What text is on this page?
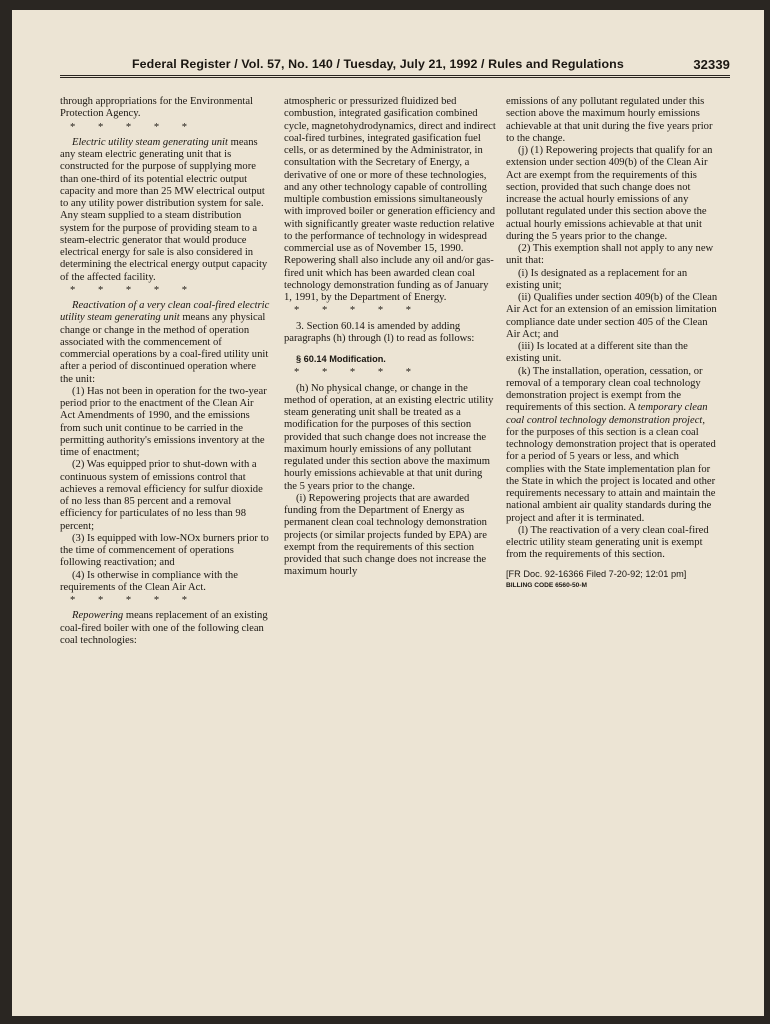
Federal Register / Vol. 57, No. 140 / Tuesday, July 21, 1992 / Rules and Regulations	32339

through appropriations for the Environmental Protection Agency.

* * * * *

Electric utility steam generating unit means any steam electric generating unit that is constructed for the purpose of supplying more than one-third of its potential electric output capacity and more than 25 MW electrical output to any utility power distribution system for sale. Any steam supplied to a steam distribution system for the purpose of providing steam to a steam-electric generator that would produce electrical energy for sale is also considered in determining the electrical energy output capacity of the affected facility.

* * * * *

Reactivation of a very clean coal-fired electric utility steam generating unit means any physical change or change in the method of operation associated with the commencement of commercial operations by a coal-fired utility unit after a period of discontinued operation where the unit:

(1) Has not been in operation for the two-year period prior to the enactment of the Clean Air Act Amendments of 1990, and the emissions from such unit continue to be carried in the permitting authority's emissions inventory at the time of enactment;

(2) Was equipped prior to shut-down with a continuous system of emissions control that achieves a removal efficiency for sulfur dioxide of no less than 85 percent and a removal efficiency for particulates of no less than 98 percent;

(3) Is equipped with low-NOx burners prior to the time of commencement of operations following reactivation; and

(4) Is otherwise in compliance with the requirements of the Clean Air Act.

* * * * *

Repowering means replacement of an existing coal-fired boiler with one of the following clean coal technologies:

atmospheric or pressurized fluidized bed combustion, integrated gasification combined cycle, magnetohydrodynamics, direct and indirect coal-fired turbines, integrated gasification fuel cells, or as determined by the Administrator, in consultation with the Secretary of Energy, a derivative of one or more of these technologies, and any other technology capable of controlling multiple combustion emissions simultaneously with improved boiler or generation efficiency and with significantly greater waste reduction relative to the performance of technology in widespread commercial use as of November 15, 1990. Repowering shall also include any oil and/or gas-fired unit which has been awarded clean coal technology demonstration funding as of January 1, 1991, by the Department of Energy.

* * * * *

3. Section 60.14 is amended by adding paragraphs (h) through (l) to read as follows:

§ 60.14 Modification.
* * * * *

(h) No physical change, or change in the method of operation, at an existing electric utility steam generating unit shall be treated as a modification for the purposes of this section provided that such change does not increase the maximum hourly emissions of any pollutant regulated under this section above the maximum hourly emissions achievable at that unit during the 5 years prior to the change.

(i) Repowering projects that are awarded funding from the Department of Energy as permanent clean coal technology demonstration projects (or similar projects funded by EPA) are exempt from the requirements of this section provided that such change does not increase the maximum hourly

emissions of any pollutant regulated under this section above the maximum hourly emissions achievable at that unit during the five years prior to the change.

(j) (1) Repowering projects that qualify for an extension under section 409(b) of the Clean Air Act are exempt from the requirements of this section, provided that such change does not increase the actual hourly emissions of any pollutant regulated under this section above the actual hourly emissions achievable at that unit during the 5 years prior to the change.

(2) This exemption shall not apply to any new unit that:

(i) Is designated as a replacement for an existing unit;

(ii) Qualifies under section 409(b) of the Clean Air Act for an extension of an emission limitation compliance date under section 405 of the Clean Air Act; and

(iii) Is located at a different site than the existing unit.

(k) The installation, operation, cessation, or removal of a temporary clean coal technology demonstration project is exempt from the requirements of this section. A temporary clean coal control technology demonstration project, for the purposes of this section is a clean coal technology demonstration project that is operated for a period of 5 years or less, and which complies with the State implementation plan for the State in which the project is located and other requirements necessary to attain and maintain the national ambient air quality standards during the project and after it is terminated.

(l) The reactivation of a very clean coal-fired electric utility steam generating unit is exempt from the requirements of this section.

[FR Doc. 92-16366 Filed 7-20-92; 12:01 pm]
BILLING CODE 6560-50-M
